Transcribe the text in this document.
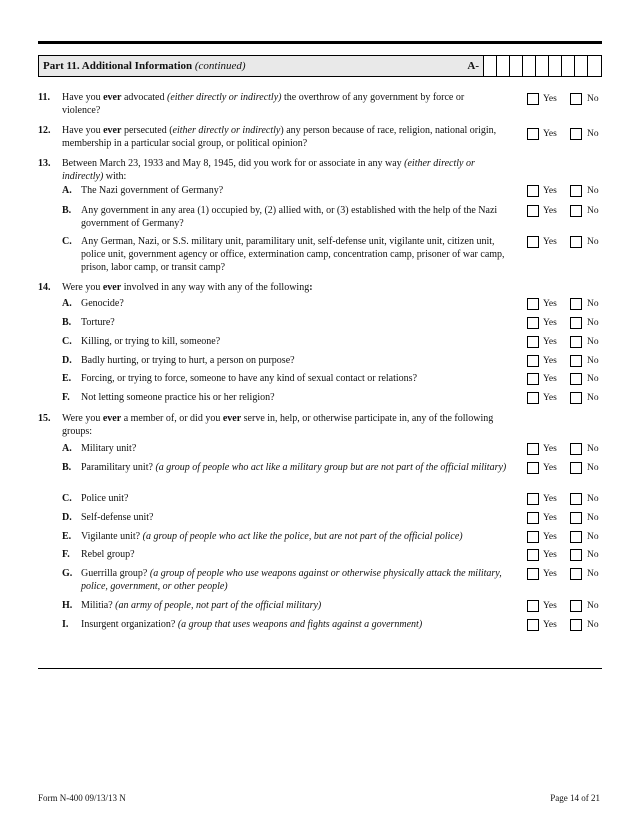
Part 11. Additional Information (continued)	A-
11. Have you ever advocated (either directly or indirectly) the overthrow of any government by force or violence?
Yes	No
12. Have you ever persecuted (either directly or indirectly) any person because of race, religion, national origin, membership in a particular social group, or political opinion?
Yes	No
13. Between March 23, 1933 and May 8, 1945, did you work for or associate in any way (either directly or indirectly) with:
A. The Nazi government of Germany?	Yes	No
B. Any government in any area (1) occupied by, (2) allied with, or (3) established with the help of the Nazi government of Germany?
Yes	No
C. Any German, Nazi, or S.S. military unit, paramilitary unit, self-defense unit, vigilante unit, citizen unit, police unit, government agency or office, extermination camp, concentration camp, prisoner of war camp, prison, labor camp, or transit camp?
Yes	No
14. Were you ever involved in any way with any of the following:
A. Genocide?	Yes	No
B. Torture?	Yes	No
C. Killing, or trying to kill, someone?	Yes	No
D. Badly hurting, or trying to hurt, a person on purpose?	Yes	No
E. Forcing, or trying to force, someone to have any kind of sexual contact or relations?	Yes	No
F. Not letting someone practice his or her religion?	Yes	No
15. Were you ever a member of, or did you ever serve in, help, or otherwise participate in, any of the following groups:
A. Military unit?	Yes	No
B. Paramilitary unit? (a group of people who act like a military group but are not part of the official military)	Yes	No
C. Police unit?	Yes	No
D. Self-defense unit?	Yes	No
E. Vigilante unit? (a group of people who act like the police, but are not part of the official police)	Yes	No
F. Rebel group?	Yes	No
G. Guerrilla group? (a group of people who use weapons against or otherwise physically attack the military, police, government, or other people)
Yes	No
H. Militia? (an army of people, not part of the official military)	Yes	No
I. Insurgent organization? (a group that uses weapons and fights against a government)	Yes	No
Form N-400 09/13/13 N	Page 14 of 21
